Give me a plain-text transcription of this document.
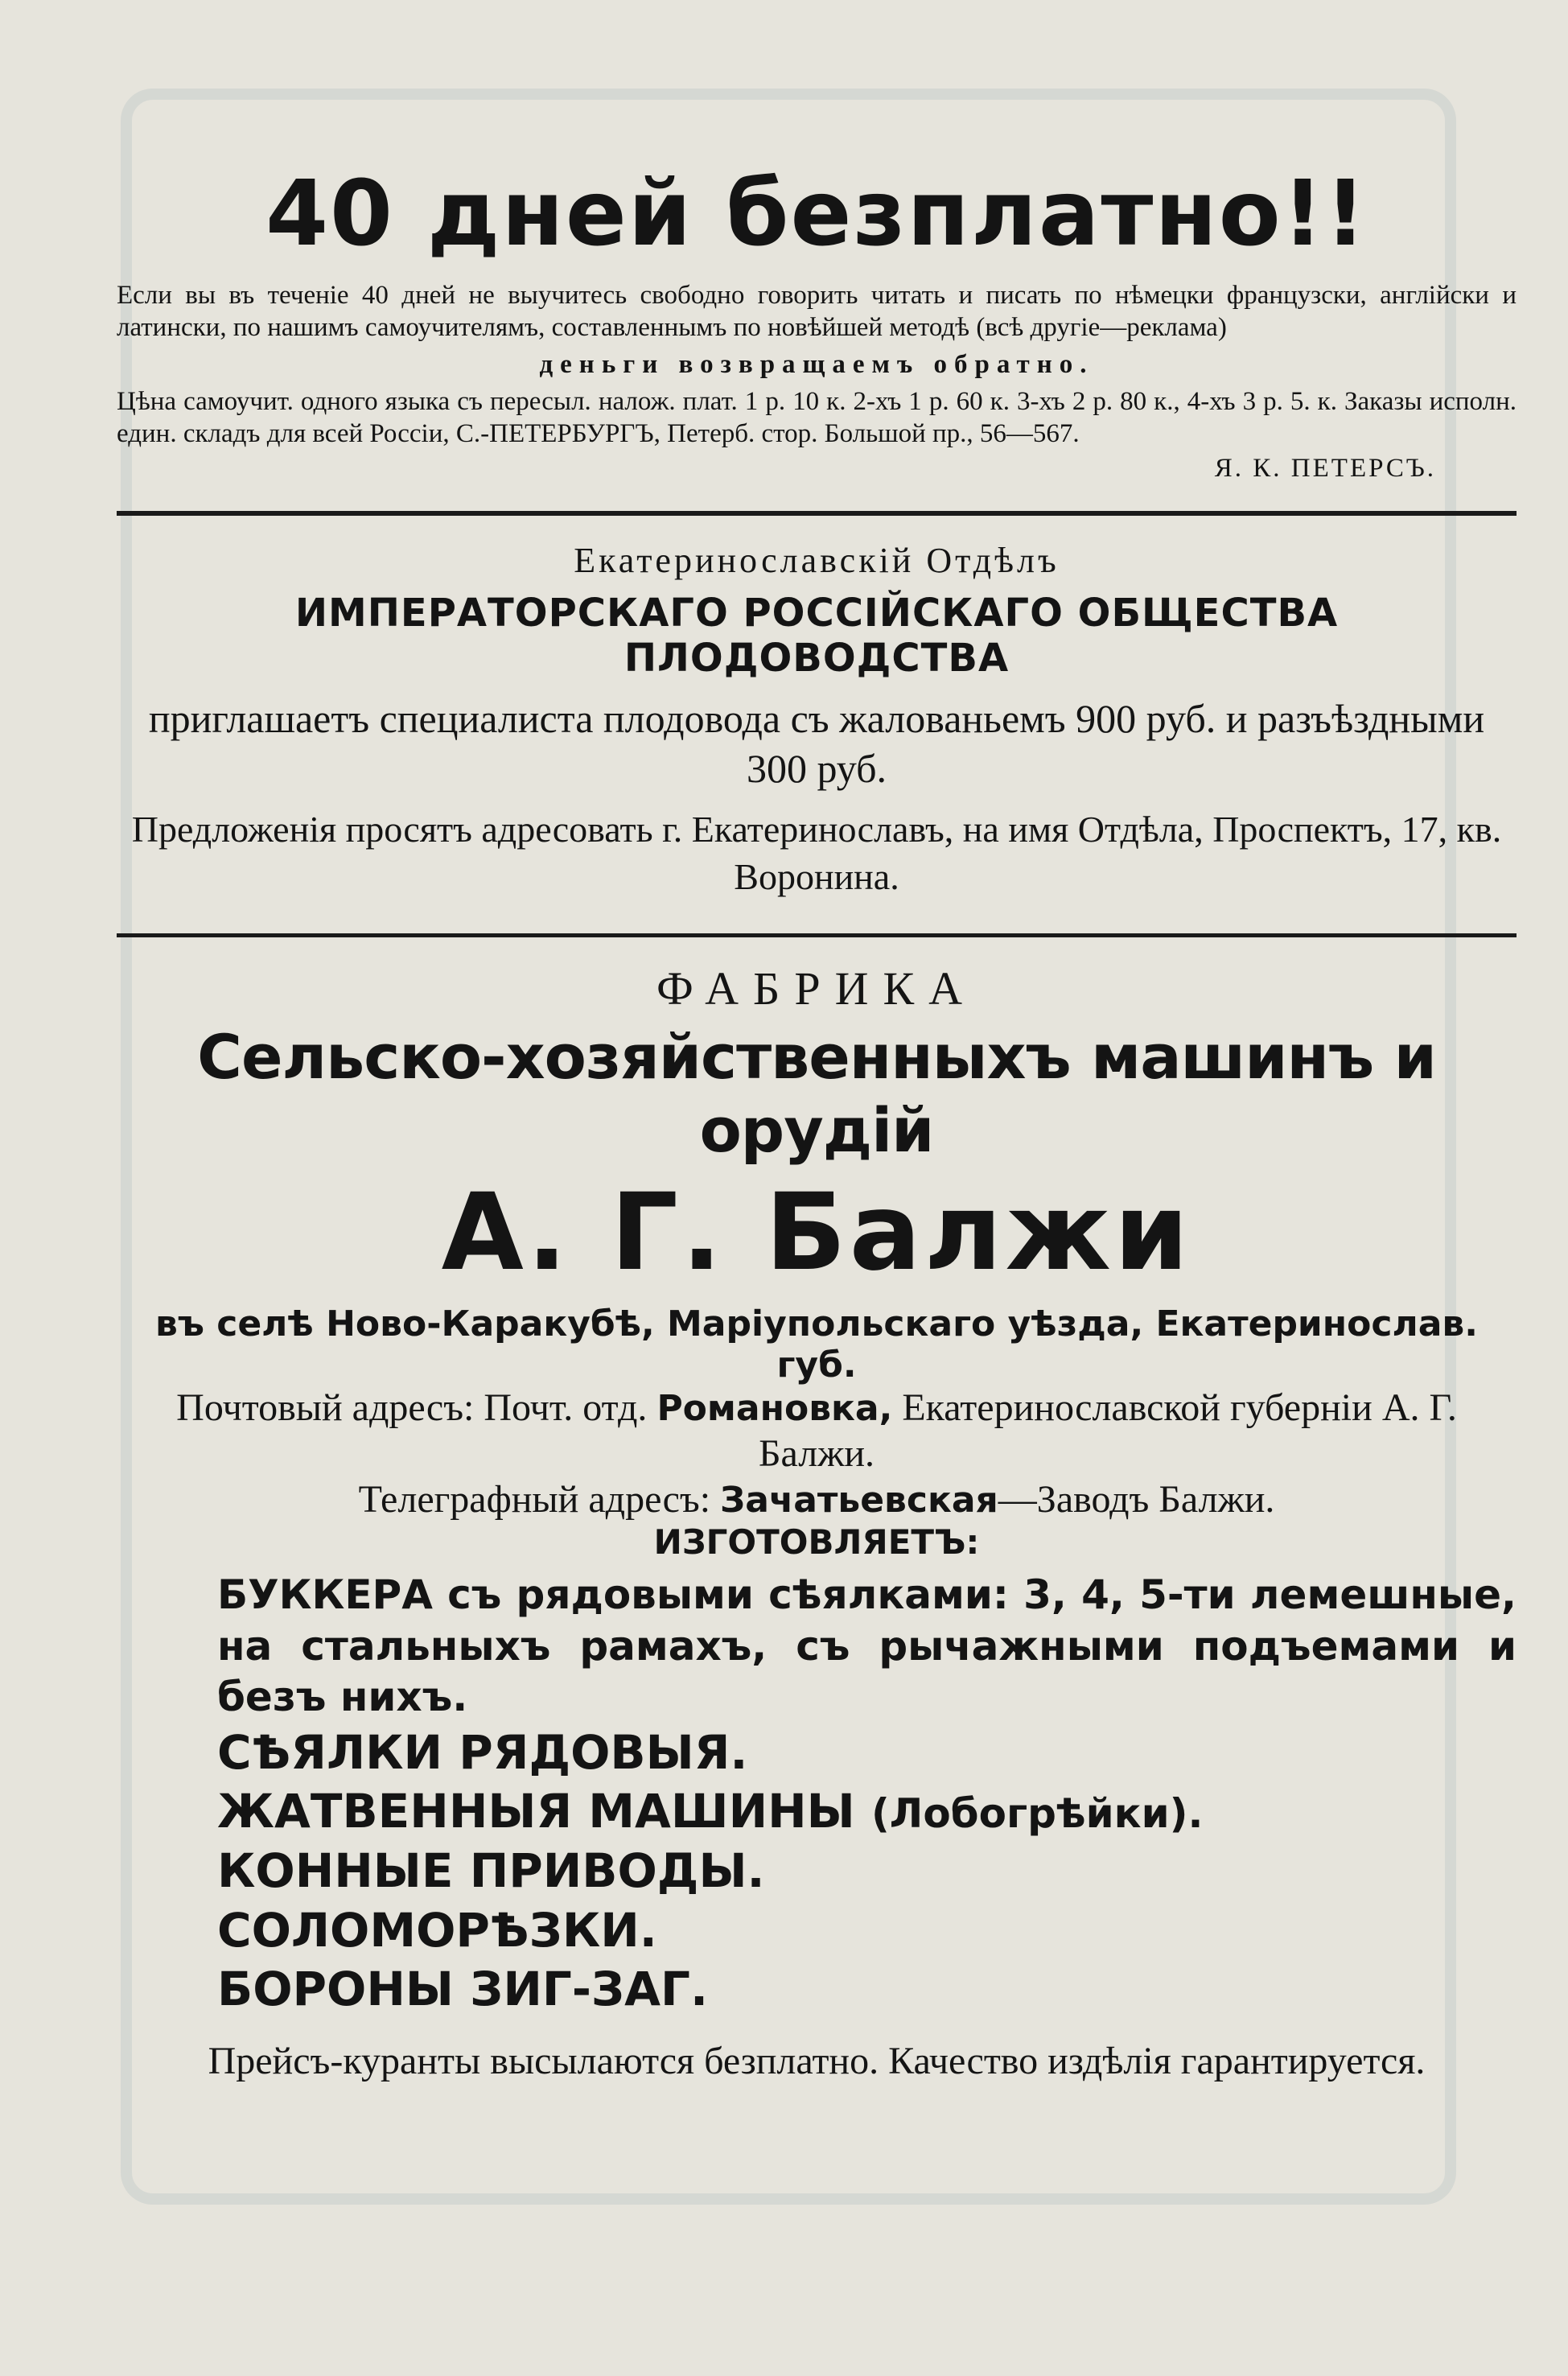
40 дней безплатно!!
Если вы въ теченіе 40 дней не выучитесь свободно говорить читать и писать по нѣмецки французски, англійски и латински, по нашимъ самоучителямъ, составленнымъ по новѣйшей методѣ (всѣ другіе—реклама)
деньги возвращаемъ обратно.
Цѣна самоучит. одного языка съ пересыл. налож. плат. 1 р. 10 к. 2-хъ 1 р. 60 к. 3-хъ 2 р. 80 к., 4-хъ 3 р. 5. к. Заказы исполн. един. складъ для всей Россіи, С.-ПЕТЕРБУРГЪ, Петерб. стор. Большой пр., 56—567.
Я. К. ПЕТЕРСЪ.
Екатеринославскій Отдѣлъ
ИМПЕРАТОРСКАГО РОССІЙСКАГО ОБЩЕСТВА ПЛОДОВОДСТВА
приглашаетъ специалиста плодовода съ жалованьемъ 900 руб. и разъѣздными 300 руб.
Предложенія просятъ адресовать г. Екатеринославъ, на имя Отдѣла, Проспектъ, 17, кв. Воронина.
ФАБРИКА
Сельско-хозяйственныхъ машинъ и орудій
А. Г. Балжи
въ селѣ Ново-Каракубѣ, Маріупольскаго уѣзда, Екатеринослав. губ.
Почтовый адресъ: Почт. отд. Романовка, Екатеринославской губерніи А. Г. Балжи.
Телеграфный адресъ: Зачатьевская—Заводъ Балжи.
ИЗГОТОВЛЯЕТЪ:
БУККЕРА съ рядовыми сѣялками: 3, 4, 5-ти лемешные, на стальныхъ рамахъ, съ рычажными подъемами и безъ нихъ.
СѢЯЛКИ РЯДОВЫЯ.
ЖАТВЕННЫЯ МАШИНЫ (Лобогрѣйки).
КОННЫЕ ПРИВОДЫ.
СОЛОМОРѢЗКИ.
БОРОНЫ ЗИГ-ЗАГ.
Прейсъ-куранты высылаются безплатно. Качество издѣлія гарантируется.
